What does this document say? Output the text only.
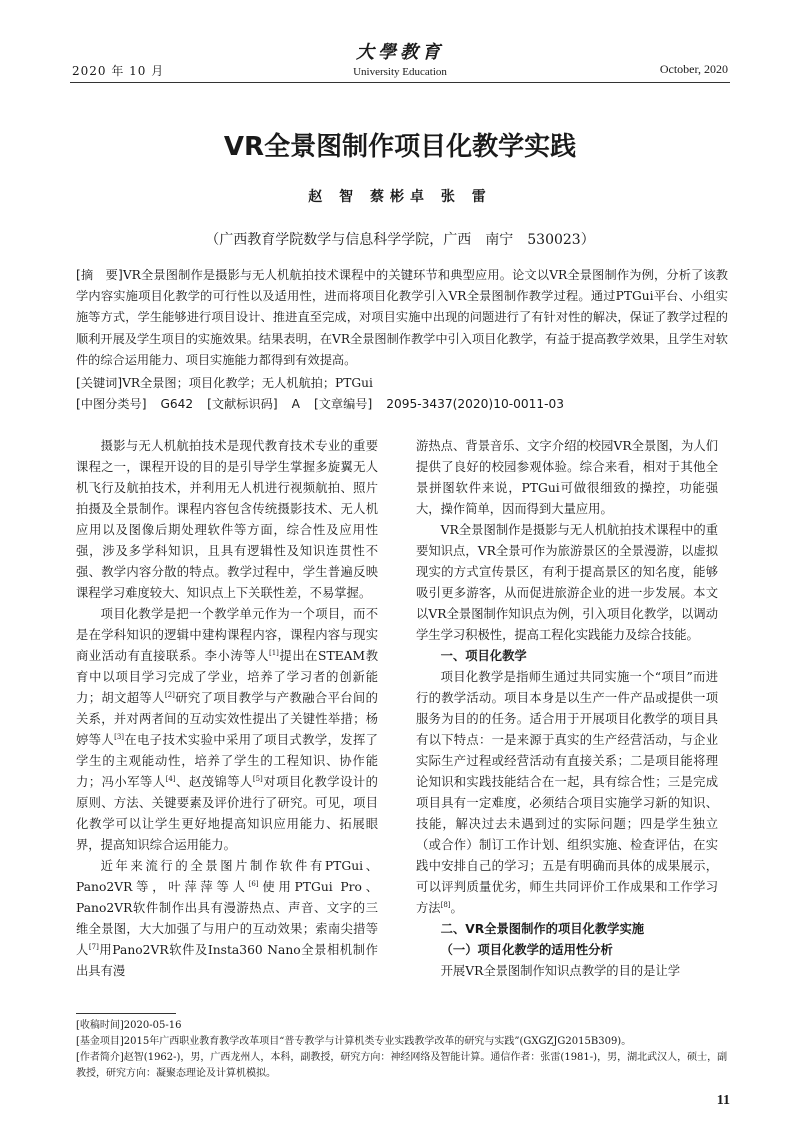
2020 年 10 月
大學教育
University Education	October, 2020
VR全景图制作项目化教学实践
赵 智 蔡彬卓 张 雷
（广西教育学院数学与信息科学学院，广西　南宁　530023）
[摘　要]VR全景图制作是摄影与无人机航拍技术课程中的关键环节和典型应用。论文以VR全景图制作为例，分析了该教学内容实施项目化教学的可行性以及适用性，进而将项目化教学引入VR全景图制作教学过程。通过PTGui平台、小组实施等方式，学生能够进行项目设计、推进直至完成，对项目实施中出现的问题进行了有针对性的解决，保证了教学过程的顺利开展及学生项目的实施效果。结果表明，在VR全景图制作教学中引入项目化教学，有益于提高教学效果，且学生对软件的综合运用能力、项目实施能力都得到有效提高。
[关键词]VR全景图；项目化教学；无人机航拍；PTGui
[中图分类号] G642 [文献标识码] A [文章编号] 2095-3437(2020)10-0011-03

摄影与无人机航拍技术是现代教育技术专业的重要课程之一，课程开设的目的是引导学生掌握多旋翼无人机飞行及航拍技术，并利用无人机进行视频航拍、照片拍摄及全景制作。课程内容包含传统摄影技术、无人机应用以及图像后期处理软件等方面，综合性及应用性强，涉及多学科知识，且具有逻辑性及知识连贯性不强、教学内容分散的特点。教学过程中，学生普遍反映课程学习难度较大、知识点上下关联性差，不易掌握。

项目化教学是把一个教学单元作为一个项目，而不是在学科知识的逻辑中建构课程内容，课程内容与现实商业活动有直接联系。李小涛等人[1]提出在STEAM教育中以项目学习完成了学业，培养了学习者的创新能力；胡文超等人[2]研究了项目教学与产教融合平台间的关系，并对两者间的互动实效性提出了关键性举措；杨婷等人[3]在电子技术实验中采用了项目式教学，发挥了学生的主观能动性，培养了学生的工程知识、协作能力；冯小军等人[4]、赵茂锦等人[5]对项目化教学设计的原则、方法、关键要素及评价进行了研究。可见，项目化教学可以让学生更好地提高知识应用能力、拓展眼界，提高知识综合运用能力。

近年来流行的全景图片制作软件有PTGui、Pano2VR等，叶萍萍等人[6]使用PTGui Pro、Pano2VR软件制作出具有漫游热点、声音、文字的三维全景图，大大加强了与用户的互动效果；索南尖措等人[7]用Pano2VR软件及Insta360 Nano全景相机制作出具有漫

游热点、背景音乐、文字介绍的校园VR全景图，为人们提供了良好的校园参观体验。综合来看，相对于其他全景拼图软件来说，PTGui可做很细致的操控，功能强大，操作简单，因而得到大量应用。

VR全景图制作是摄影与无人机航拍技术课程中的重要知识点，VR全景可作为旅游景区的全景漫游，以虚拟现实的方式宣传景区，有利于提高景区的知名度，能够吸引更多游客，从而促进旅游企业的进一步发展。本文以VR全景图制作知识点为例，引入项目化教学，以调动学生学习积极性，提高工程化实践能力及综合技能。

一、项目化教学

项目化教学是指师生通过共同实施一个“项目”而进行的教学活动。项目本身是以生产一件产品或提供一项服务为目的的任务。适合用于开展项目化教学的项目具有以下特点：一是来源于真实的生产经营活动，与企业实际生产过程或经营活动有直接关系；二是项目能将理论知识和实践技能结合在一起，具有综合性；三是完成项目具有一定难度，必须结合项目实施学习新的知识、技能，解决过去未遇到过的实际问题；四是学生独立（或合作）制订工作计划、组织实施、检查评估，在实践中安排自己的学习；五是有明确而具体的成果展示，可以评判质量优劣，师生共同评价工作成果和工作学习方法[8]。

二、VR全景图制作的项目化教学实施

（一）项目化教学的适用性分析

开展VR全景图制作知识点教学的目的是让学

[收稿时间]2020-05-16
[基金项目]2015年广西职业教育教学改革项目“普专教学与计算机类专业实践教学改革的研究与实践”(GXGZJG2015B309)。
[作者简介]赵智(1962-)，男，广西龙州人，本科，副教授，研究方向：神经网络及智能计算。通信作者：张雷(1981-)，男，湖北武汉人，硕士，副教授，研究方向：凝聚态理论及计算机模拟。
11
